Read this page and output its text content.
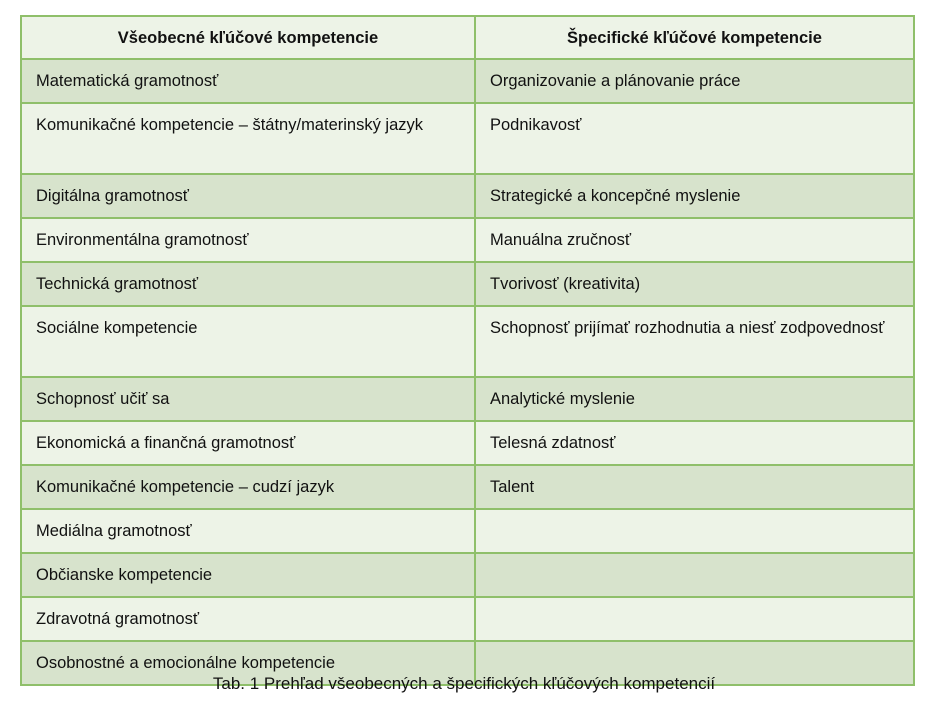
Všeobecné kľúčové kompetencie	Špecifické kľúčové kompetencie
Matematická gramotnosť	Organizovanie a plánovanie práce
Komunikačné kompetencie – štátny/materinský jazyk	Podnikavosť
Digitálna gramotnosť	Strategické a koncepčné myslenie
Environmentálna gramotnosť	Manuálna zručnosť
Technická gramotnosť	Tvorivosť (kreativita)
Sociálne kompetencie	Schopnosť prijímať rozhodnutia a niesť zodpovednosť
Schopnosť učiť sa	Analytické myslenie
Ekonomická a finančná gramotnosť	Telesná zdatnosť
Komunikačné kompetencie – cudzí jazyk	Talent
Mediálna gramotnosť	
Občianske kompetencie	
Zdravotná gramotnosť	
Osobnostné a emocionálne kompetencie	
Tab. 1 Prehľad všeobecných a špecifických kľúčových kompetencií
